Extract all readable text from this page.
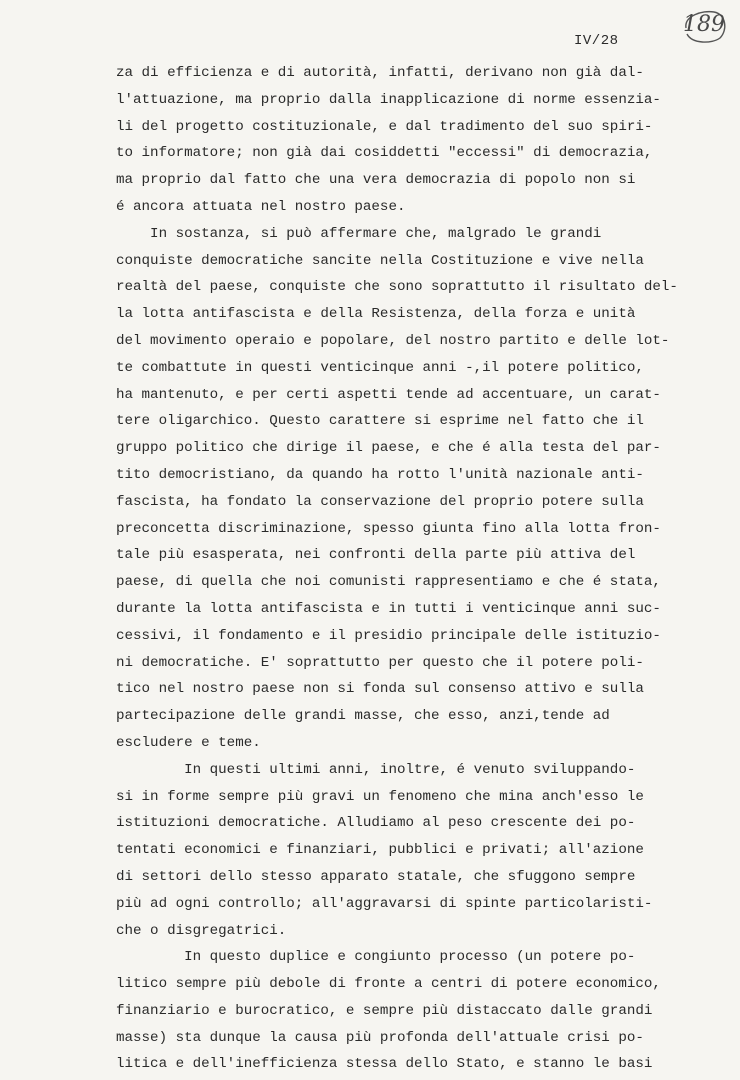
IV/28
189
za di efficienza e di autorità, infatti, derivano non già dal-
l'attuazione, ma proprio dalla inapplicazione di norme essenzia-
li del progetto costituzionale, e dal tradimento del suo spiri-
to informatore; non già dai cosiddetti "eccessi" di democrazia,
ma proprio dal fatto che una vera democrazia di popolo non si
é ancora attuata nel nostro paese.
In sostanza, si può affermare che, malgrado le grandi
conquiste democratiche sancite nella Costituzione e vive nella
realtà del paese, conquiste che sono soprattutto il risultato del-
la lotta antifascista e della Resistenza, della forza e unità
del movimento operaio e popolare, del nostro partito e delle lot-
te combattute in questi venticinque anni -,il potere politico,
ha mantenuto, e per certi aspetti tende ad accentuare, un carat-
tere oligarchico. Questo carattere si esprime nel fatto che il
gruppo politico che dirige il paese, e che é alla testa del par-
tito democristiano, da quando ha rotto l'unità nazionale anti-
fascista, ha fondato la conservazione del proprio potere sulla
preconcetta discriminazione, spesso giunta fino alla lotta fron-
tale più esasperata, nei confronti della parte più attiva del
paese, di quella che noi comunisti rappresentiamo e che é stata,
durante la lotta antifascista e in tutti i venticinque anni suc-
cessivi, il fondamento e il presidio principale delle istituzio-
ni democratiche. E' soprattutto per questo che il potere poli-
tico nel nostro paese non si fonda sul consenso attivo e sulla
partecipazione delle grandi masse, che esso, anzi,tende ad
escludere e teme.
In questi ultimi anni, inoltre, é venuto sviluppando-
si in forme sempre più gravi un fenomeno che mina anch'esso le
istituzioni democratiche. Alludiamo al peso crescente dei po-
tentati economici e finanziari, pubblici e privati; all'azione
di settori dello stesso apparato statale, che sfuggono sempre
più ad ogni controllo; all'aggravarsi di spinte particolaristi-
che o disgregatrici.
In questo duplice e congiunto processo (un potere po-
litico sempre più debole di fronte a centri di potere economico,
finanziario e burocratico, e sempre più distaccato dalle grandi
masse) sta dunque la causa più profonda dell'attuale crisi po-
litica e dell'inefficienza stessa dello Stato, e stanno le basi
